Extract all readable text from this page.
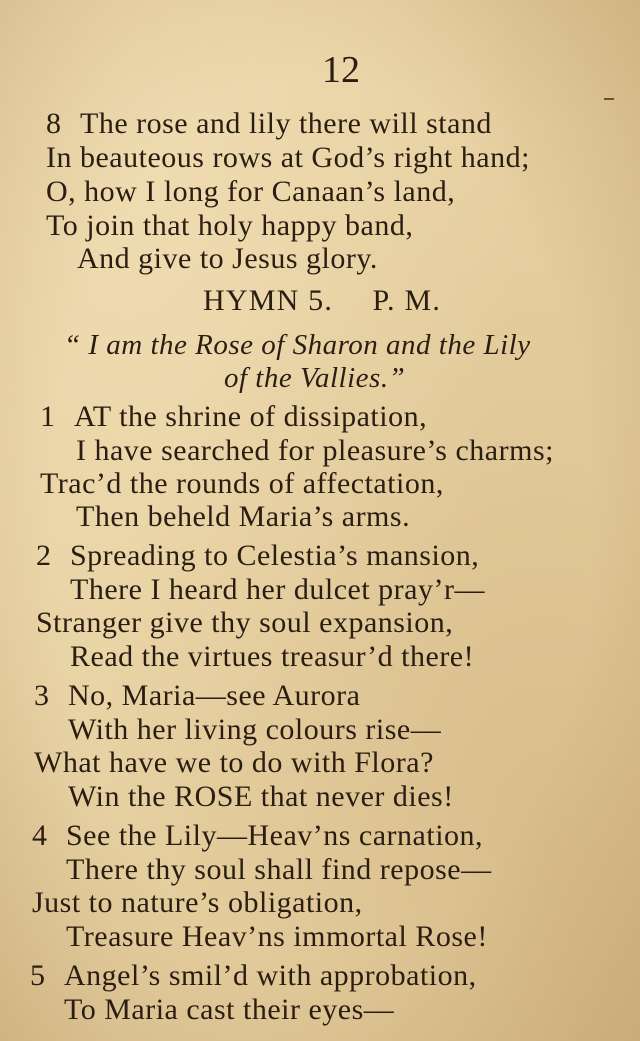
12
8 The rose and lily there will stand
In beauteous rows at God’s right hand;
O, how I long for Canaan’s land,
To join that holy happy band,
And give to Jesus glory.
HYMN 5. P. M.
“ I am the Rose of Sharon and the Lily
of the Vallies.”
1 AT the shrine of dissipation,
I have searched for pleasure’s charms;
Trac’d the rounds of affectation,
Then beheld Maria’s arms.
2 Spreading to Celestia’s mansion,
There I heard her dulcet pray’r—
Stranger give thy soul expansion,
Read the virtues treasur’d there!
3 No, Maria—see Aurora
With her living colours rise—
What have we to do with Flora?
Win the ROSE that never dies!
4 See the Lily—Heav’ns carnation,
There thy soul shall find repose—
Just to nature’s obligation,
Treasure Heav’ns immortal Rose!
5 Angel’s smil’d with approbation,
To Maria cast their eyes—
